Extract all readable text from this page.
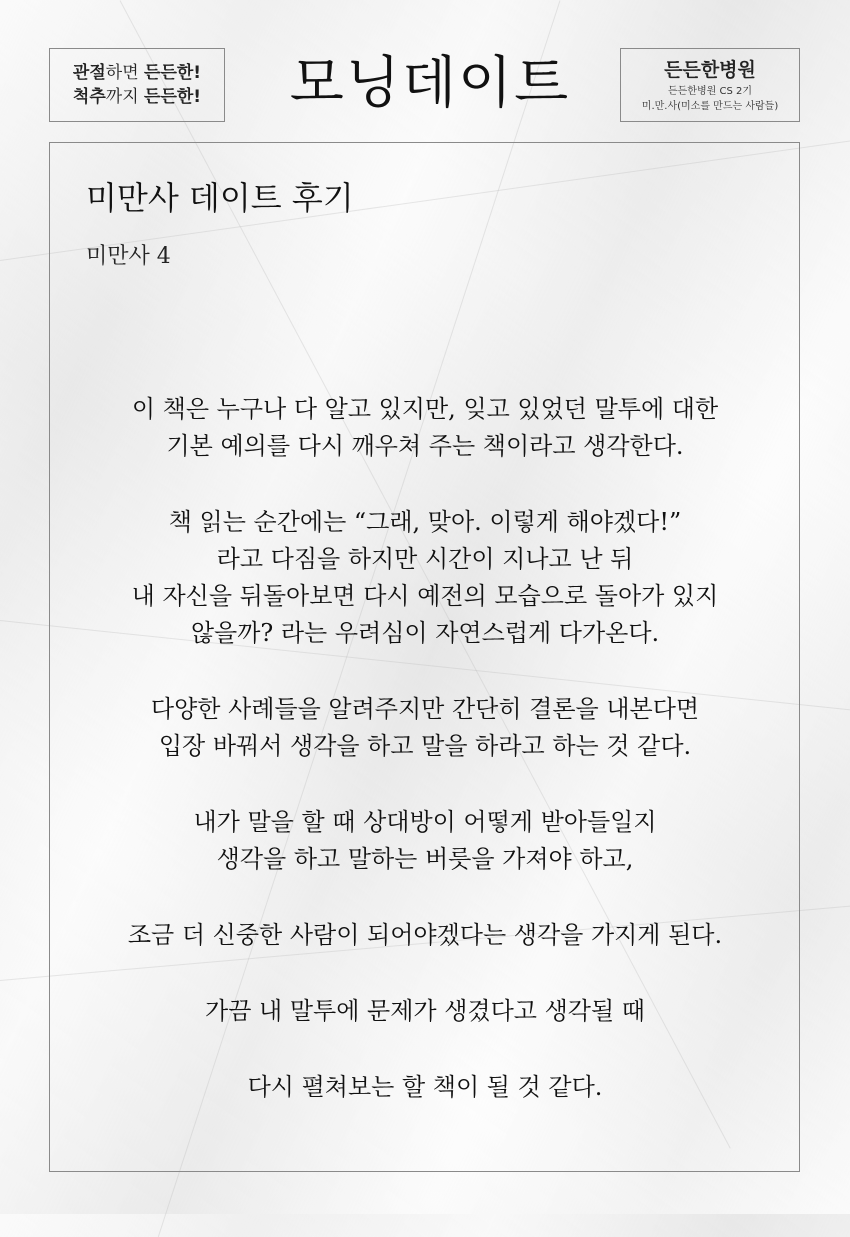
관절하면 든든한!
척추까지 든든한!	모닝데이트	든든한병원
든든한병원 CS 2기
미.만.사(미소를 만드는 사람들)
미만사 데이트 후기
미만사 4
이 책은 누구나 다 알고 있지만, 잊고 있었던 말투에 대한
기본 예의를 다시 깨우쳐 주는 책이라고 생각한다.
책 읽는 순간에는 “그래, 맞아. 이렇게 해야겠다!”
라고 다짐을 하지만 시간이 지나고 난 뒤
내 자신을 뒤돌아보면 다시 예전의 모습으로 돌아가 있지
않을까? 라는 우려심이 자연스럽게 다가온다.
다양한 사례들을 알려주지만 간단히 결론을 내본다면
입장 바꿔서 생각을 하고 말을 하라고 하는 것 같다.
내가 말을 할 때 상대방이 어떻게 받아들일지
생각을 하고 말하는 버릇을 가져야 하고,
조금 더 신중한 사람이 되어야겠다는 생각을 가지게 된다.
가끔 내 말투에 문제가 생겼다고 생각될 때
다시 펼쳐보는 할 책이 될 것 같다.
